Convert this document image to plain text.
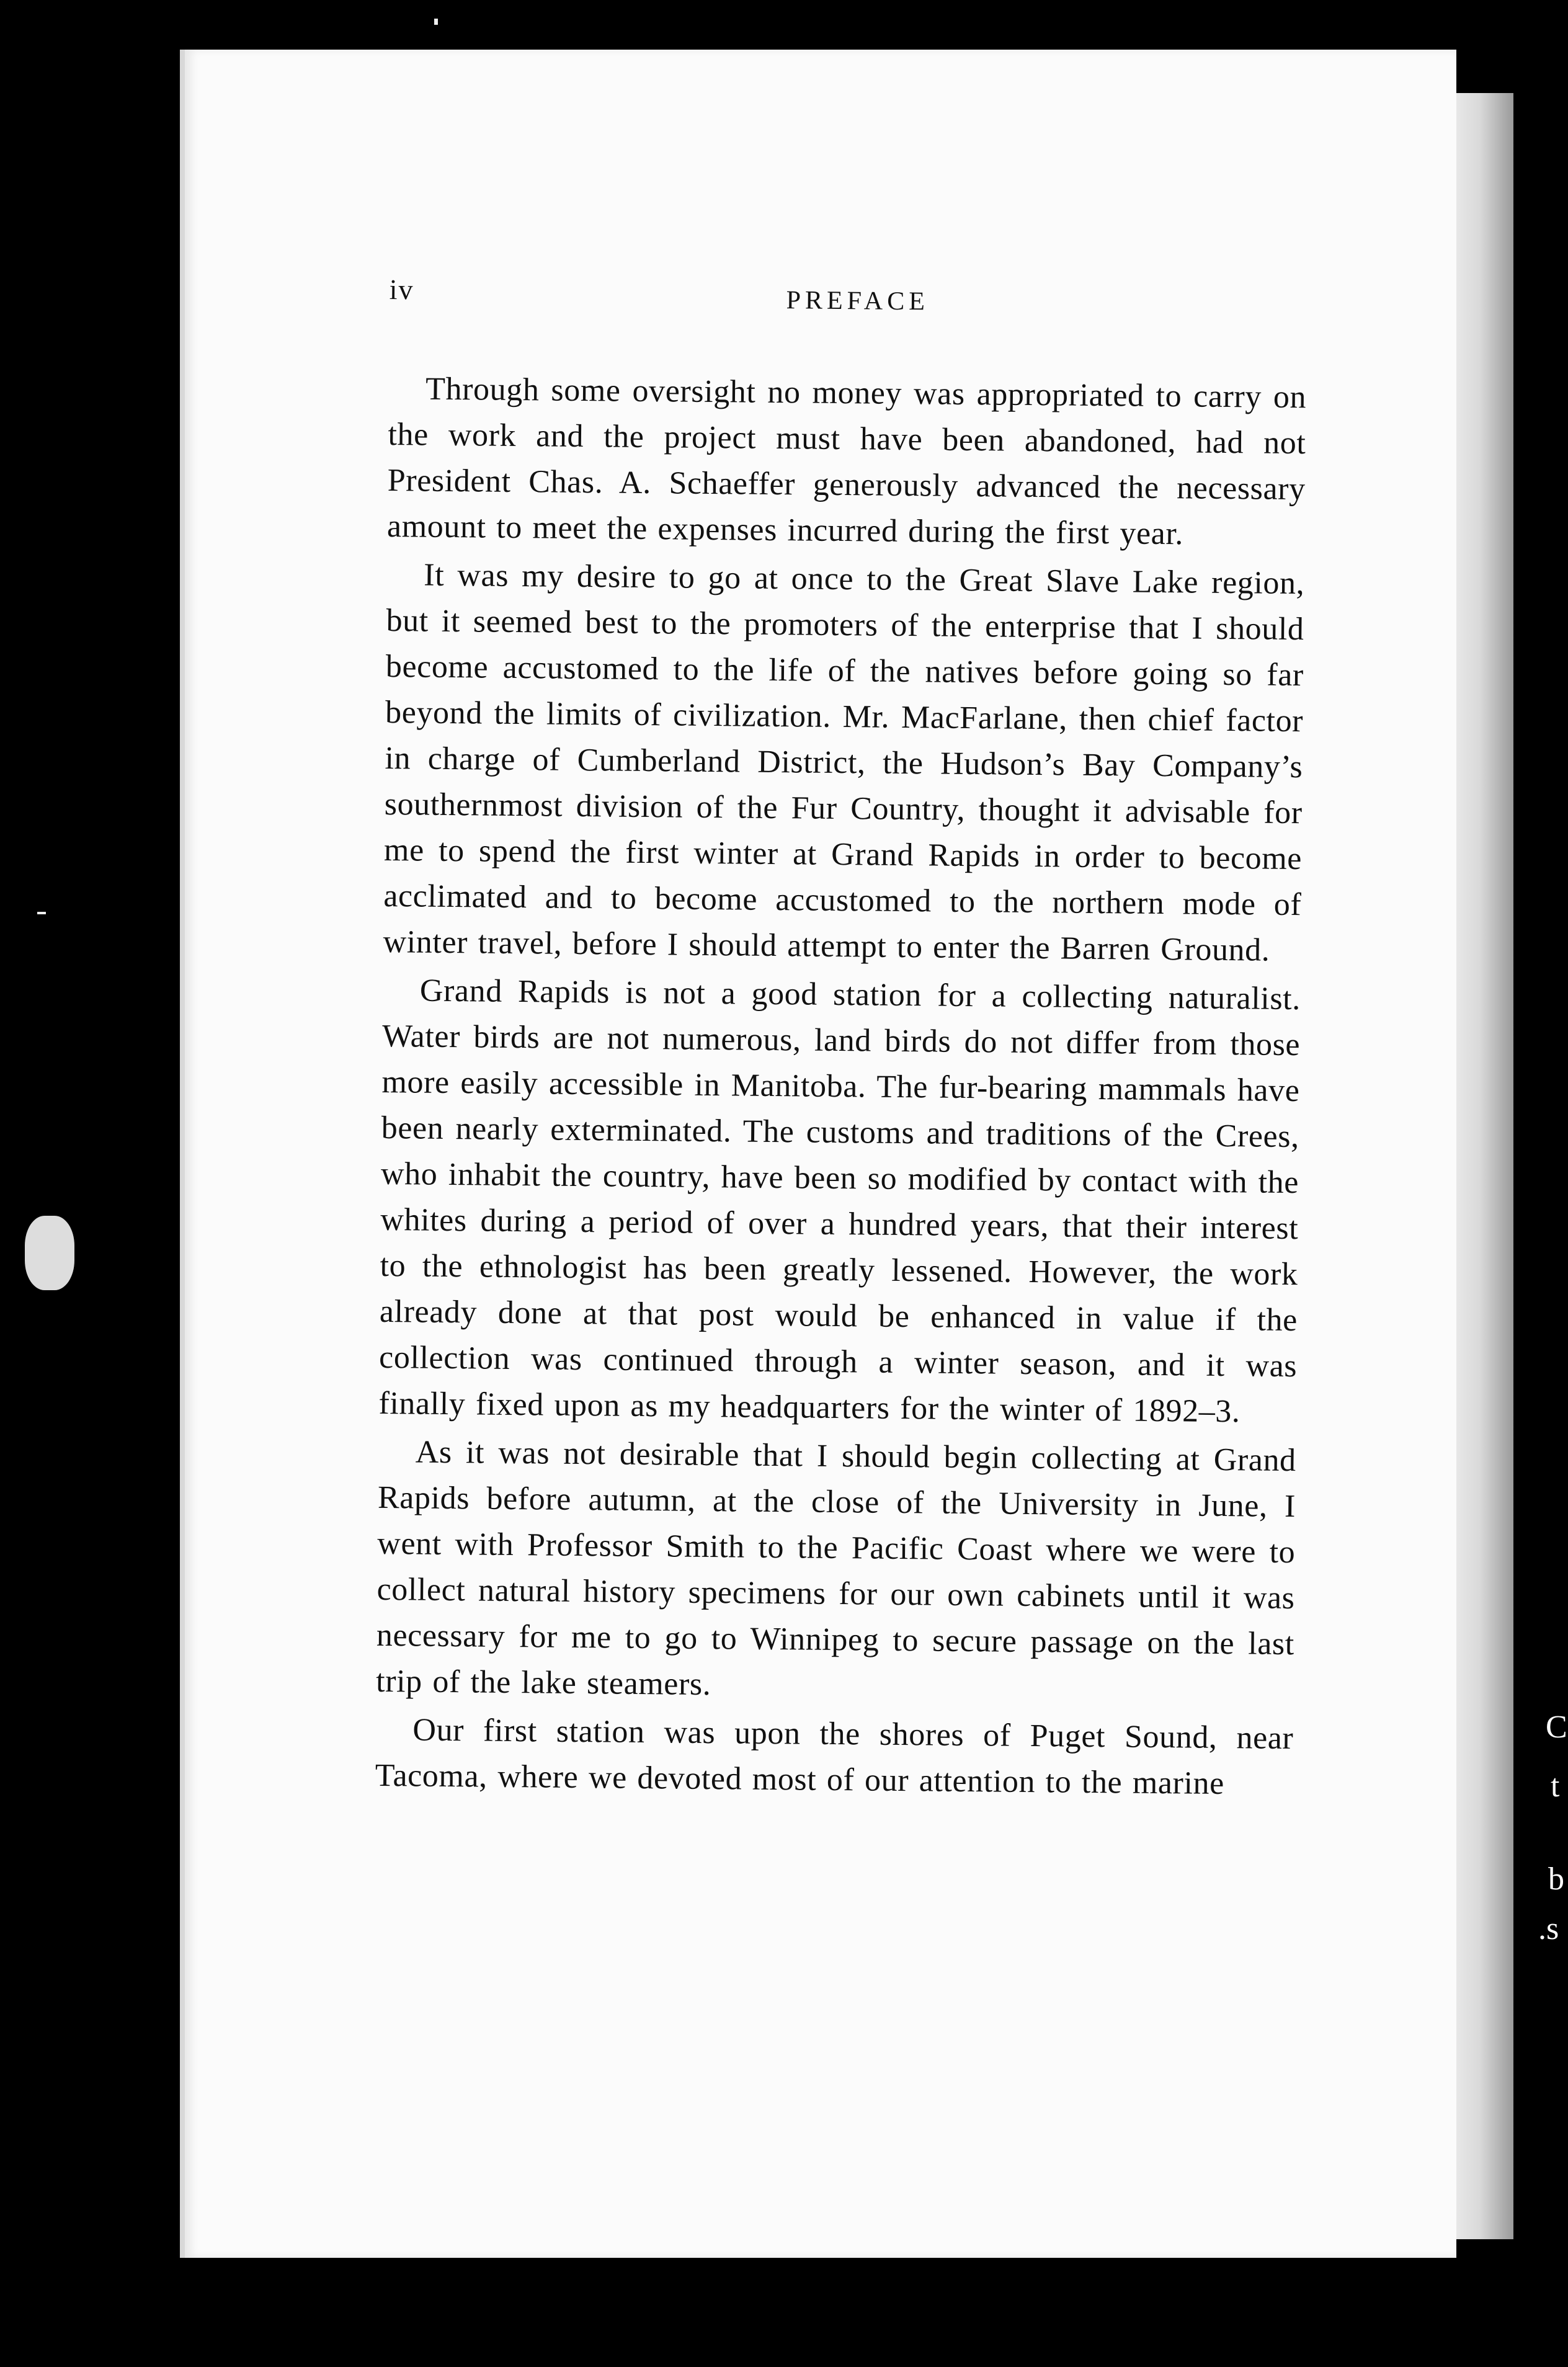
iv	PREFACE

Through some oversight no money was appropriated to carry on the work and the project must have been abandoned, had not President Chas. A. Schaeffer generously advanced the necessary amount to meet the expenses incurred during the first year.

It was my desire to go at once to the Great Slave Lake region, but it seemed best to the promoters of the enterprise that I should become accustomed to the life of the natives before going so far beyond the limits of civilization. Mr. MacFarlane, then chief factor in charge of Cumberland District, the Hudson’s Bay Company’s southernmost division of the Fur Country, thought it advisable for me to spend the first winter at Grand Rapids in order to become acclimated and to become accustomed to the northern mode of winter travel, before I should attempt to enter the Barren Ground.

Grand Rapids is not a good station for a collecting naturalist. Water birds are not numerous, land birds do not differ from those more easily accessible in Manitoba. The fur-bearing mammals have been nearly exterminated. The customs and traditions of the Crees, who inhabit the country, have been so modified by contact with the whites during a period of over a hundred years, that their interest to the ethnologist has been greatly lessened. However, the work already done at that post would be enhanced in value if the collection was continued through a winter season, and it was finally fixed upon as my headquarters for the winter of 1892–3.

As it was not desirable that I should begin collecting at Grand Rapids before autumn, at the close of the University in June, I went with Professor Smith to the Pacific Coast where we were to collect natural history specimens for our own cabinets until it was necessary for me to go to Winnipeg to secure passage on the last trip of the lake steamers.

Our first station was upon the shores of Puget Sound, near Tacoma, where we devoted most of our attention to the marine

C
t
b
.s
